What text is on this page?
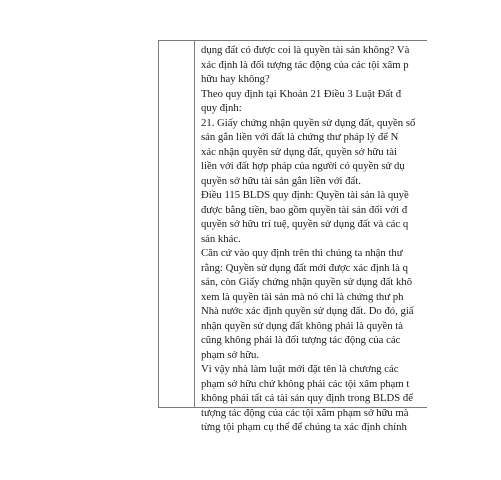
dụng đất có được coi là quyền tài sản không? Và
xác định là đối tượng tác động của các tội xâm p
hữu hay không?
Theo quy định tại Khoản 21 Điều 3 Luật Đất đ
quy định:
21. Giấy chứng nhận quyền sử dụng đất, quyền số
sản gắn liền với đất là chứng thư pháp lý để N
xác nhận quyền sử dụng đất, quyền sở hữu tài
liền với đất hợp pháp của người có quyền sử dụ
quyền sở hữu tài sản gắn liền với đất.
Điều 115 BLDS quy định: Quyền tài sản là quyề
được bằng tiền, bao gồm quyền tài sản đối với đ
quyền sở hữu trí tuệ, quyền sử dụng đất và các q
sản khác.
Căn cứ vào quy định trên thì chúng ta nhận thư
rằng: Quyền sử dụng đất mới được xác định là q
sản, còn Giấy chứng nhận quyền sử dụng đất khô
xem là quyền tài sản mà nó chỉ là chứng thư ph
Nhà nước xác định quyền sử dụng đất. Do đó, giấ
nhận quyền sử dụng đất không phải là quyền tà
cũng không phải là đối tượng tác động của các
phạm sở hữu.
Vì vậy nhà làm luật mới đặt tên là chương các
phạm sở hữu chứ không phải các tội xâm phạm t
không phải tất cả tài sản quy định trong BLDS để
tượng tác động của các tội xâm phạm sở hữu mà
từng tội phạm cụ thể để chúng ta xác định chính
